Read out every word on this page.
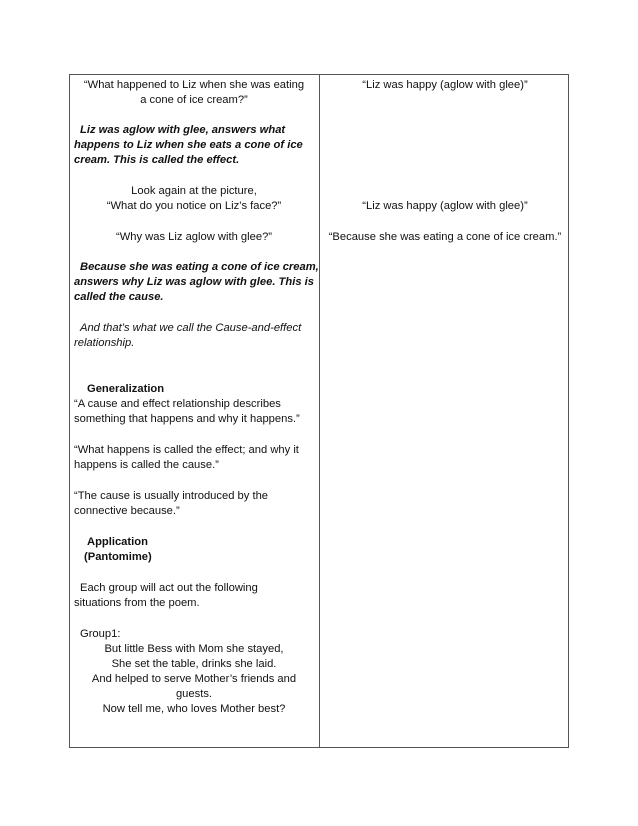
“What happened to Liz when she was eating

a cone of ice cream?”

Liz was aglow with glee, answers what

happens to Liz when she eats a cone of ice

cream. This is called the effect.

Look again at the picture,

“What do you notice on Liz’s face?”

“Why was Liz aglow with glee?”

Because she was eating a cone of ice cream,

answers why Liz was aglow with glee. This is

called the cause.

And that’s what we call the Cause-and-effect

relationship.

Generalization

“A cause and effect relationship describes

something that happens and why it happens.”

“What happens is called the effect; and why it

happens is called the cause.”

“The cause is usually introduced by the

connective because.”

Application

(Pantomime)

Each group will act out the following

situations from the poem.

Group1:

But little Bess with Mom she stayed,

She set the table, drinks she laid.

And helped to serve Mother’s friends and

guests.

Now tell me, who loves Mother best?

“Liz was happy (aglow with glee)”

“Liz was happy (aglow with glee)”

“Because she was eating a cone of ice cream.”
